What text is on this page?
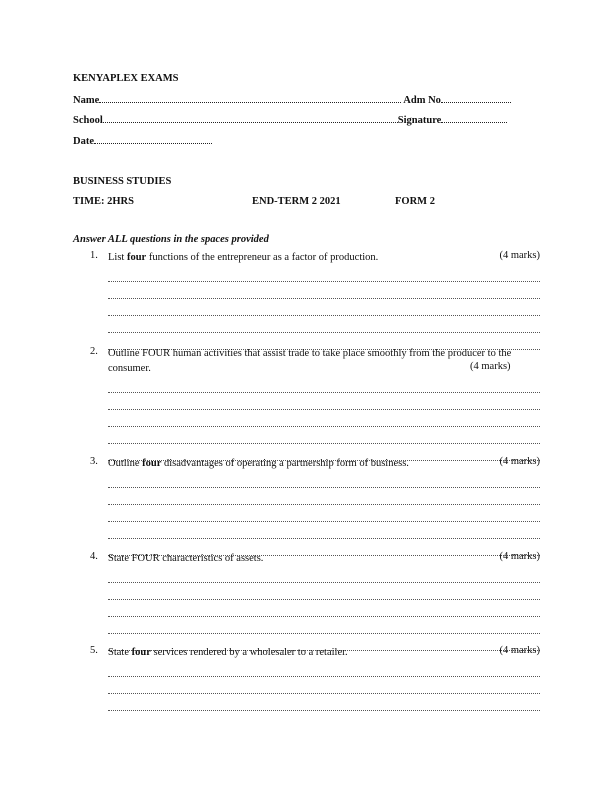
KENYAPLEX EXAMS
Name	Adm No
School	Signature
Date
BUSINESS STUDIES
TIME: 2HRS	END-TERM 2 2021	FORM 2
Answer ALL questions in the spaces provided
1. List four functions of the entrepreneur as a factor of production.	(4 marks)
2. Outline FOUR human activities that assist trade to take place smoothly from the producer to the consumer.	(4 marks)
3. Outline four disadvantages of operating a partnership form of business.	(4 marks)
4. State FOUR characteristics of assets.	(4 marks)
5. State four services rendered by a wholesaler to a retailer.	(4 marks)
